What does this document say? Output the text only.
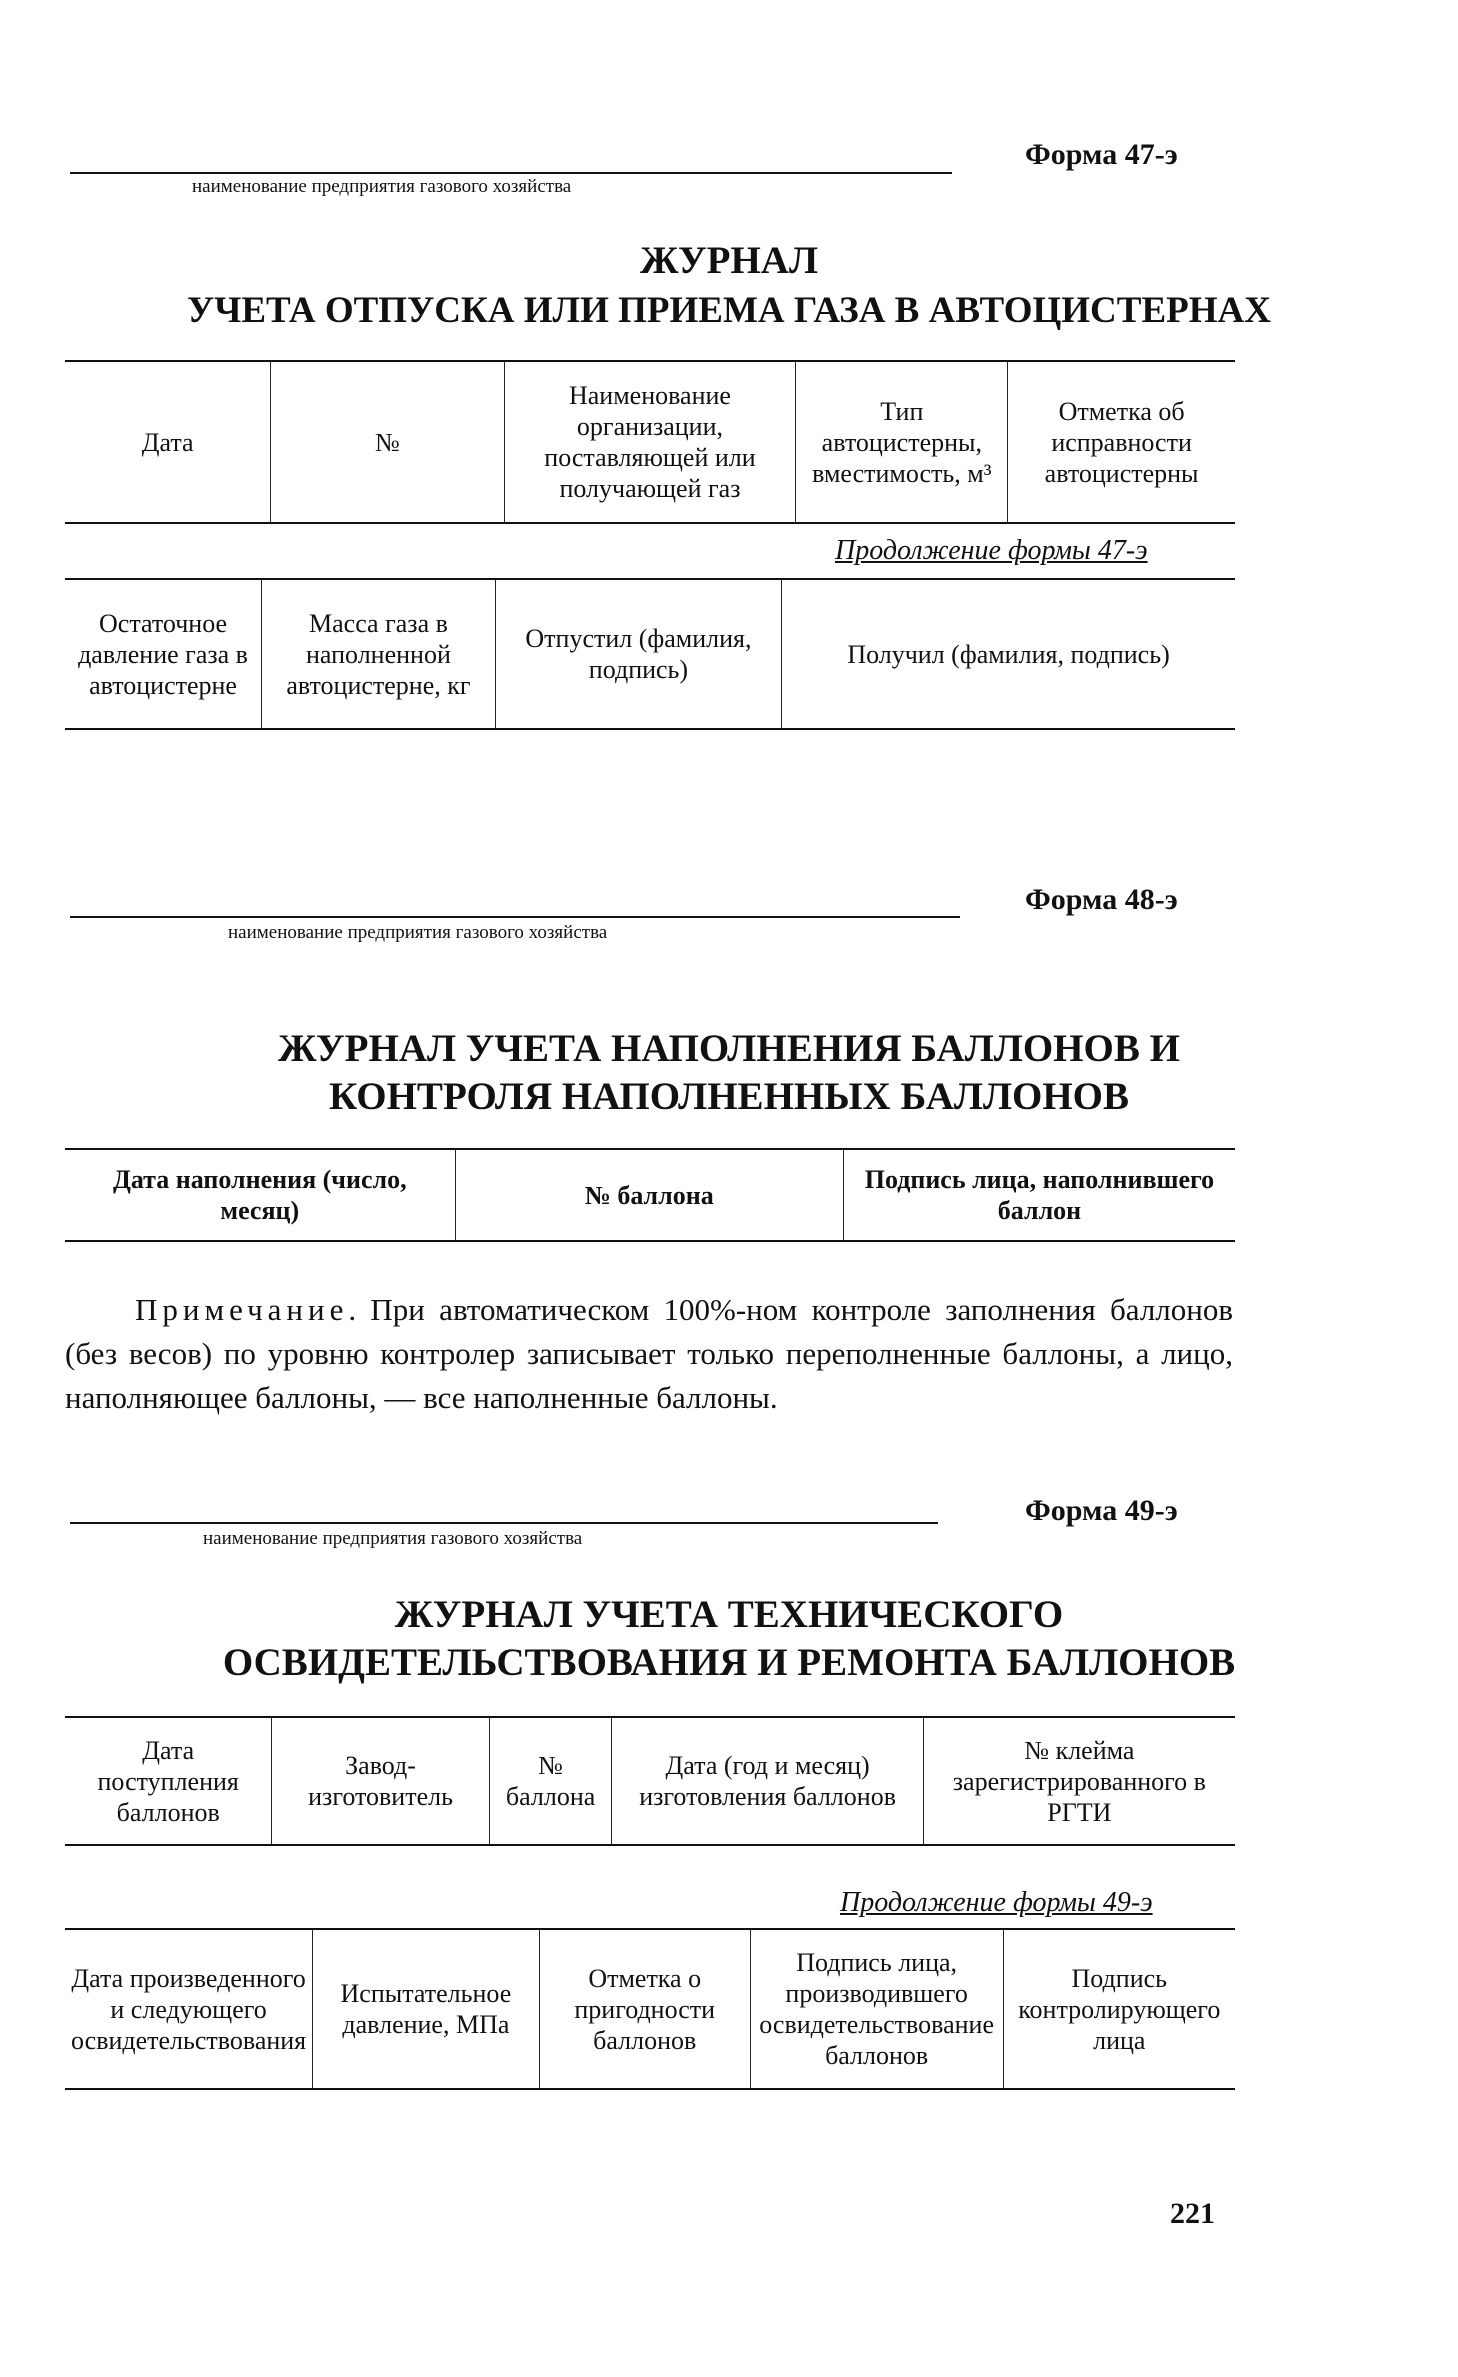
наименование предприятия газового хозяйства
Форма 47-э
ЖУРНАЛ
УЧЕТА ОТПУСКА ИЛИ ПРИЕМА ГАЗА В АВТОЦИСТЕРНАХ
Дата	№	Наименование организации, поставляющей или получающей газ	Тип автоцистерны, вместимость, м³	Отметка об исправности автоцистерны
Продолжение формы 47-э
Остаточное давление газа в автоцистерне	Масса газа в наполненной автоцистерне, кг	Отпустил (фамилия, подпись)	Получил (фамилия, подпись)
Форма 48-э
наименование предприятия газового хозяйства
ЖУРНАЛ УЧЕТА НАПОЛНЕНИЯ БАЛЛОНОВ И
КОНТРОЛЯ НАПОЛНЕННЫХ БАЛЛОНОВ
Дата наполнения (число, месяц)	№ баллона	Подпись лица, наполнившего баллон
Примечание. При автоматическом 100%-ном контроле заполнения баллонов (без весов) по уровню контролер записывает только переполненные баллоны, а лицо, наполняющее баллоны, — все наполненные баллоны.
Форма 49-э
наименование предприятия газового хозяйства
ЖУРНАЛ УЧЕТА ТЕХНИЧЕСКОГО
ОСВИДЕТЕЛЬСТВОВАНИЯ И РЕМОНТА БАЛЛОНОВ
Дата поступления баллонов	Завод-изготовитель	№ баллона	Дата (год и месяц) изготовления баллонов	№ клейма зарегистрированного в РГТИ
Продолжение формы 49-э
Дата произведенного и следующего освидетельствования	Испытательное давление, МПа	Отметка о пригодности баллонов	Подпись лица, производившего освидетельствование баллонов	Подпись контролирующего лица
221
